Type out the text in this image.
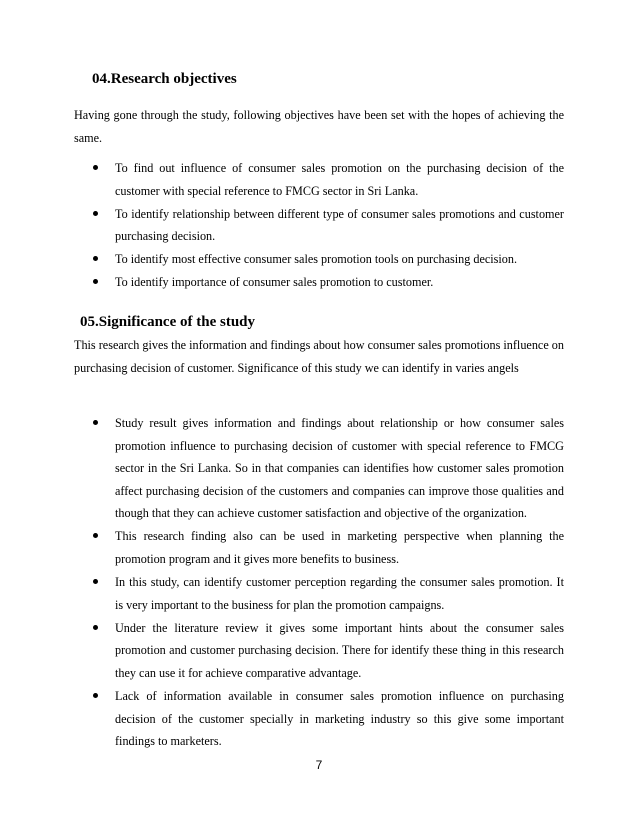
04.Research objectives

Having gone through the study, following objectives have been set with the hopes of achieving the same.

To find out influence of consumer sales promotion on the purchasing decision of the customer with special reference to FMCG sector in Sri Lanka.
To identify relationship between different type of consumer sales promotions and customer purchasing decision.
To identify most effective consumer sales promotion tools on purchasing decision.
To identify importance of consumer sales promotion to customer.
05.Significance of the study

This research gives the information and findings about how consumer sales promotions influence on purchasing decision of customer. Significance of this study we can identify in varies angels

Study result gives information and findings about relationship or how consumer sales promotion influence to purchasing decision of customer with special reference to FMCG sector in the Sri Lanka. So in that companies can identifies how customer sales promotion affect purchasing decision of the customers and companies can improve those qualities and though that they can achieve customer satisfaction and objective of the organization.
This research finding also can be used in marketing perspective when planning the promotion program and it gives more benefits to business.
In this study, can identify customer perception regarding the consumer sales promotion. It is very important to the business for plan the promotion campaigns.
Under the literature review it gives some important hints about the consumer sales promotion and customer purchasing decision. There for identify these thing in this research they can use it for achieve comparative advantage.
Lack of information available in consumer sales promotion influence on purchasing decision of the customer specially in marketing industry so this give some important findings to marketers.
7
